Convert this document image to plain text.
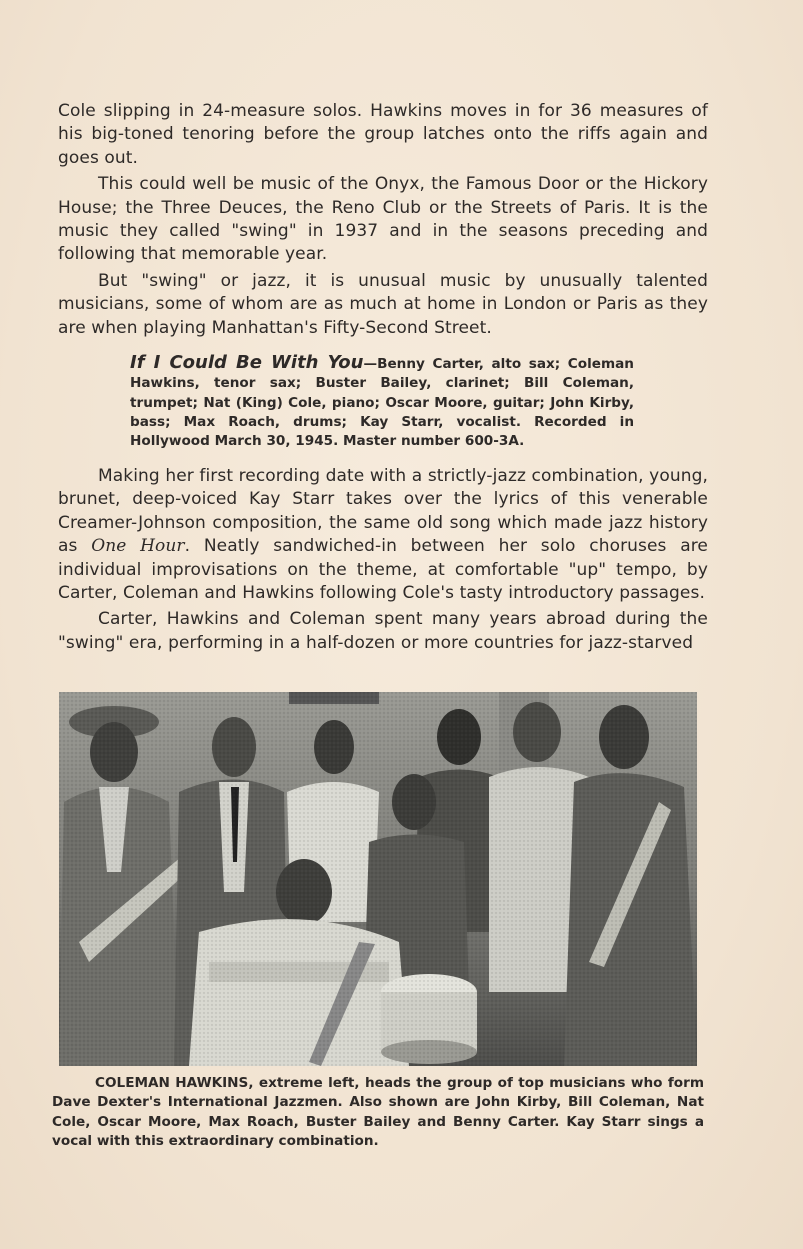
Cole slipping in 24-measure solos. Hawkins moves in for 36 measures of his big-toned tenoring before the group latches onto the riffs again and goes out.

This could well be music of the Onyx, the Famous Door or the Hickory House; the Three Deuces, the Reno Club or the Streets of Paris. It is the music they called "swing" in 1937 and in the seasons preceding and following that memorable year.

But "swing" or jazz, it is unusual music by unusually talented musicians, some of whom are as much at home in London or Paris as they are when playing Manhattan's Fifty-Second Street.

If I Could Be With You—Benny Carter, alto sax; Coleman Hawkins, tenor sax; Buster Bailey, clarinet; Bill Coleman, trumpet; Nat (King) Cole, piano; Oscar Moore, guitar; John Kirby, bass; Max Roach, drums; Kay Starr, vocalist. Recorded in Hollywood March 30, 1945. Master number 600-3A.

Making her first recording date with a strictly-jazz combination, young, brunet, deep-voiced Kay Starr takes over the lyrics of this venerable Creamer-Johnson composition, the same old song which made jazz history as One Hour. Neatly sandwiched-in between her solo choruses are individual improvisations on the theme, at comfortable "up" tempo, by Carter, Coleman and Hawkins following Cole's tasty introductory passages.

Carter, Hawkins and Coleman spent many years abroad during the "swing" era, performing in a half-dozen or more countries for jazz-starved

COLEMAN HAWKINS, extreme left, heads the group of top musicians who form Dave Dexter's International Jazzmen. Also shown are John Kirby, Bill Coleman, Nat Cole, Oscar Moore, Max Roach, Buster Bailey and Benny Carter. Kay Starr sings a vocal with this extraordinary combination.
